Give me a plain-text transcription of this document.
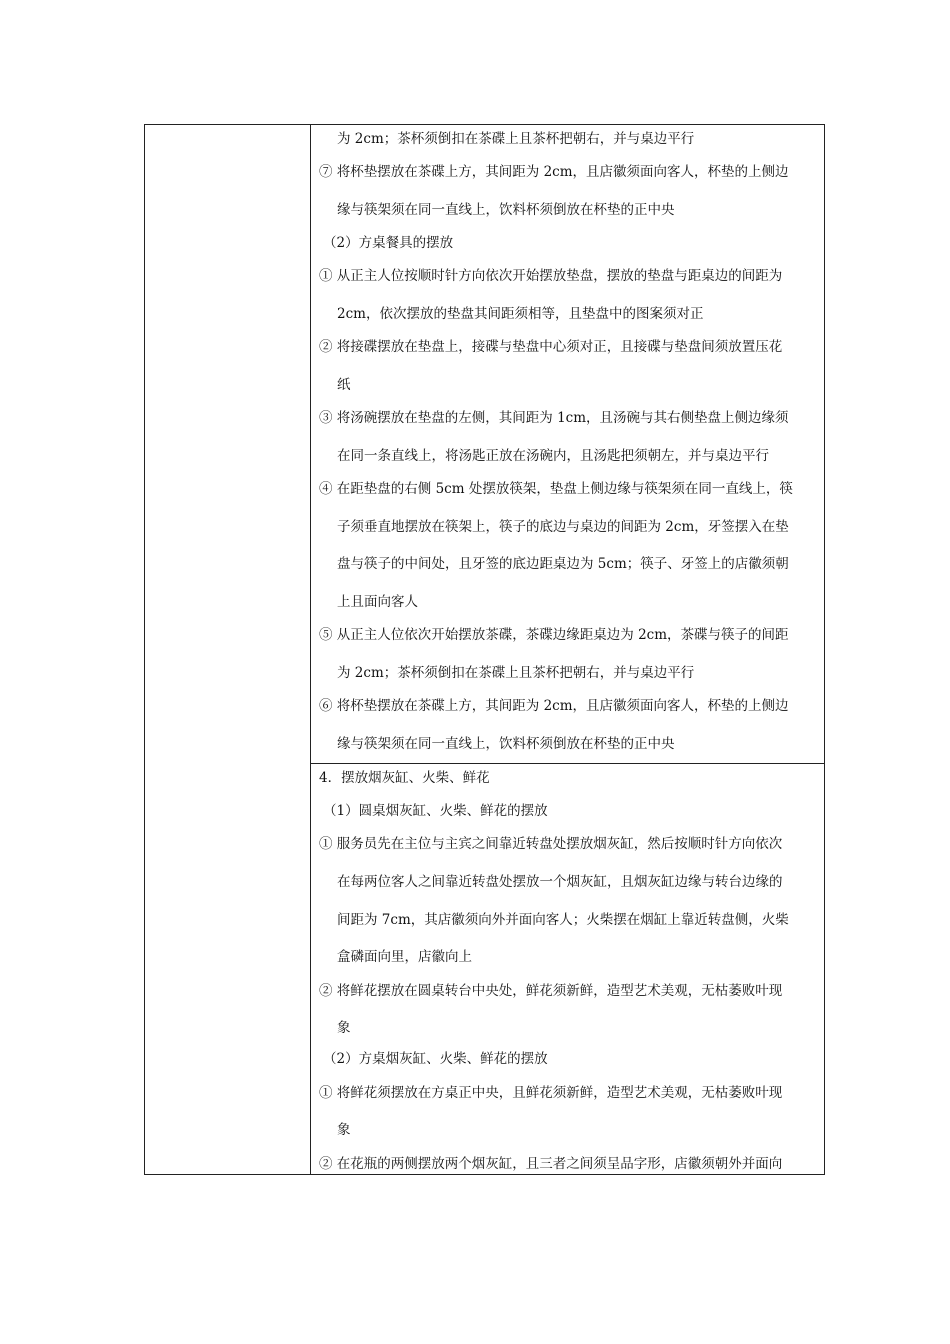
为 2cm；茶杯须倒扣在茶碟上且茶杯把朝右，并与桌边平行
⑦ 将杯垫摆放在茶碟上方，其间距为 2cm，且店徽须面向客人，杯垫的上侧边
缘与筷架须在同一直线上，饮料杯须倒放在杯垫的正中央
（2）方桌餐具的摆放
① 从正主人位按顺时针方向依次开始摆放垫盘，摆放的垫盘与距桌边的间距为
2cm，依次摆放的垫盘其间距须相等，且垫盘中的图案须对正
② 将接碟摆放在垫盘上，接碟与垫盘中心须对正，且接碟与垫盘间须放置压花
纸
③ 将汤碗摆放在垫盘的左侧，其间距为 1cm，且汤碗与其右侧垫盘上侧边缘须
在同一条直线上，将汤匙正放在汤碗内，且汤匙把须朝左，并与桌边平行
④ 在距垫盘的右侧 5cm 处摆放筷架，垫盘上侧边缘与筷架须在同一直线上，筷
子须垂直地摆放在筷架上，筷子的底边与桌边的间距为 2cm，牙签摆入在垫
盘与筷子的中间处，且牙签的底边距桌边为 5cm；筷子、牙签上的店徽须朝
上且面向客人
⑤ 从正主人位依次开始摆放茶碟，茶碟边缘距桌边为 2cm，茶碟与筷子的间距
为 2cm；茶杯须倒扣在茶碟上且茶杯把朝右，并与桌边平行
⑥ 将杯垫摆放在茶碟上方，其间距为 2cm，且店徽须面向客人，杯垫的上侧边
缘与筷架须在同一直线上，饮料杯须倒放在杯垫的正中央
4．摆放烟灰缸、火柴、鲜花
（1）圆桌烟灰缸、火柴、鲜花的摆放
① 服务员先在主位与主宾之间靠近转盘处摆放烟灰缸，然后按顺时针方向依次
在每两位客人之间靠近转盘处摆放一个烟灰缸，且烟灰缸边缘与转台边缘的
间距为 7cm，其店徽须向外并面向客人；火柴摆在烟缸上靠近转盘侧，火柴
盒磷面向里，店徽向上
② 将鲜花摆放在圆桌转台中央处，鲜花须新鲜，造型艺术美观，无枯萎败叶现
象
（2）方桌烟灰缸、火柴、鲜花的摆放
① 将鲜花须摆放在方桌正中央，且鲜花须新鲜，造型艺术美观，无枯萎败叶现
象
② 在花瓶的两侧摆放两个烟灰缸，且三者之间须呈品字形，店徽须朝外并面向
